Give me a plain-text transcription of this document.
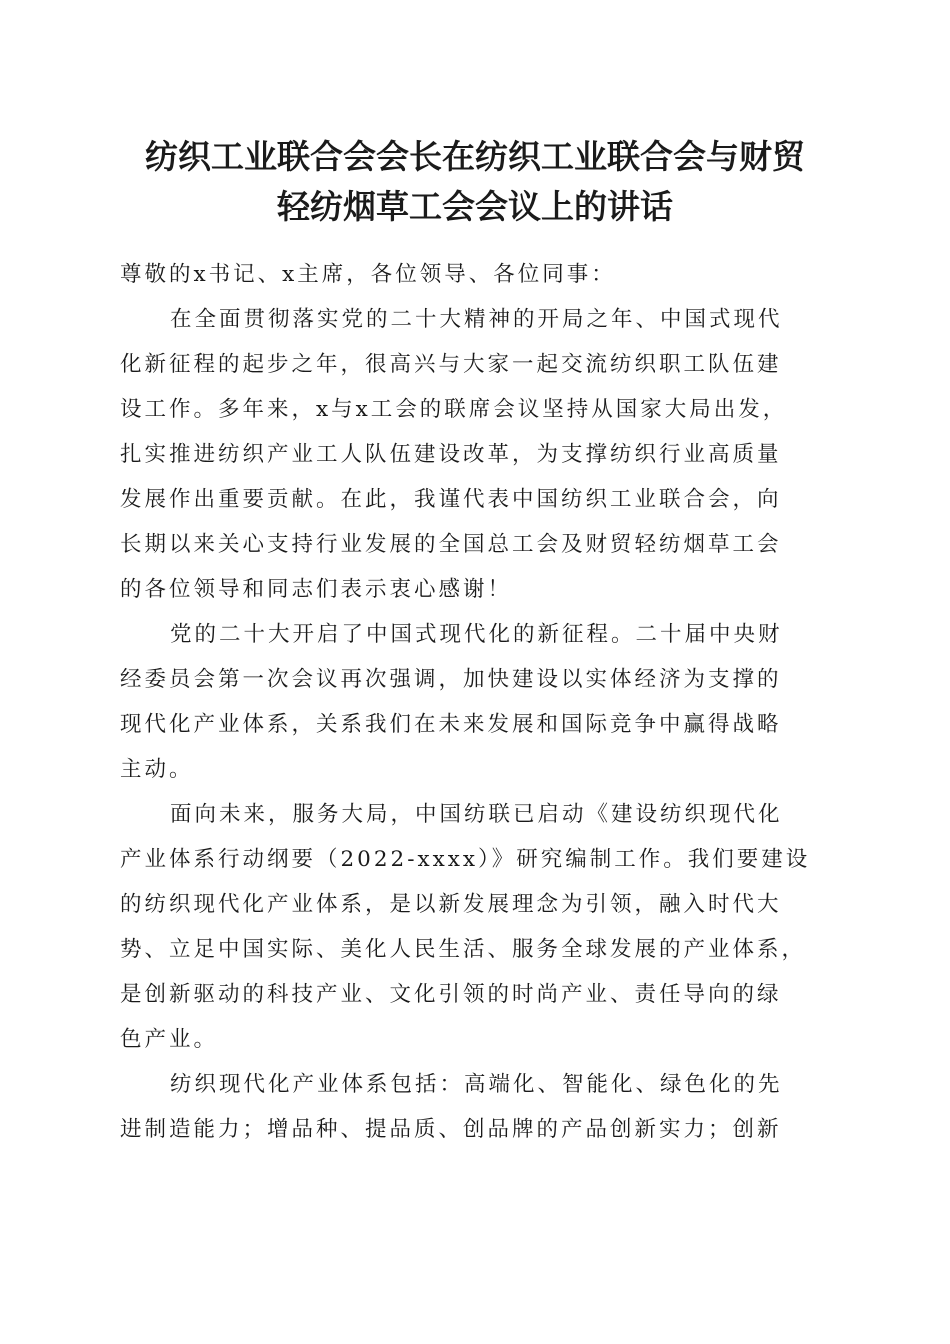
纺织工业联合会会长在纺织工业联合会与财贸
轻纺烟草工会会议上的讲话

尊敬的x书记、x主席，各位领导、各位同事：

在全面贯彻落实党的二十大精神的开局之年、中国式现代
化新征程的起步之年，很高兴与大家一起交流纺织职工队伍建
设工作。多年来，x与x工会的联席会议坚持从国家大局出发，
扎实推进纺织产业工人队伍建设改革，为支撑纺织行业高质量
发展作出重要贡献。在此，我谨代表中国纺织工业联合会，向
长期以来关心支持行业发展的全国总工会及财贸轻纺烟草工会
的各位领导和同志们表示衷心感谢！

党的二十大开启了中国式现代化的新征程。二十届中央财
经委员会第一次会议再次强调，加快建设以实体经济为支撑的
现代化产业体系，关系我们在未来发展和国际竞争中赢得战略
主动。

面向未来，服务大局，中国纺联已启动《建设纺织现代化
产业体系行动纲要（2022-xxxx）》研究编制工作。我们要建设
的纺织现代化产业体系，是以新发展理念为引领，融入时代大
势、立足中国实际、美化人民生活、服务全球发展的产业体系，
是创新驱动的科技产业、文化引领的时尚产业、责任导向的绿
色产业。

纺织现代化产业体系包括：高端化、智能化、绿色化的先
进制造能力；增品种、提品质、创品牌的产品创新实力；创新
